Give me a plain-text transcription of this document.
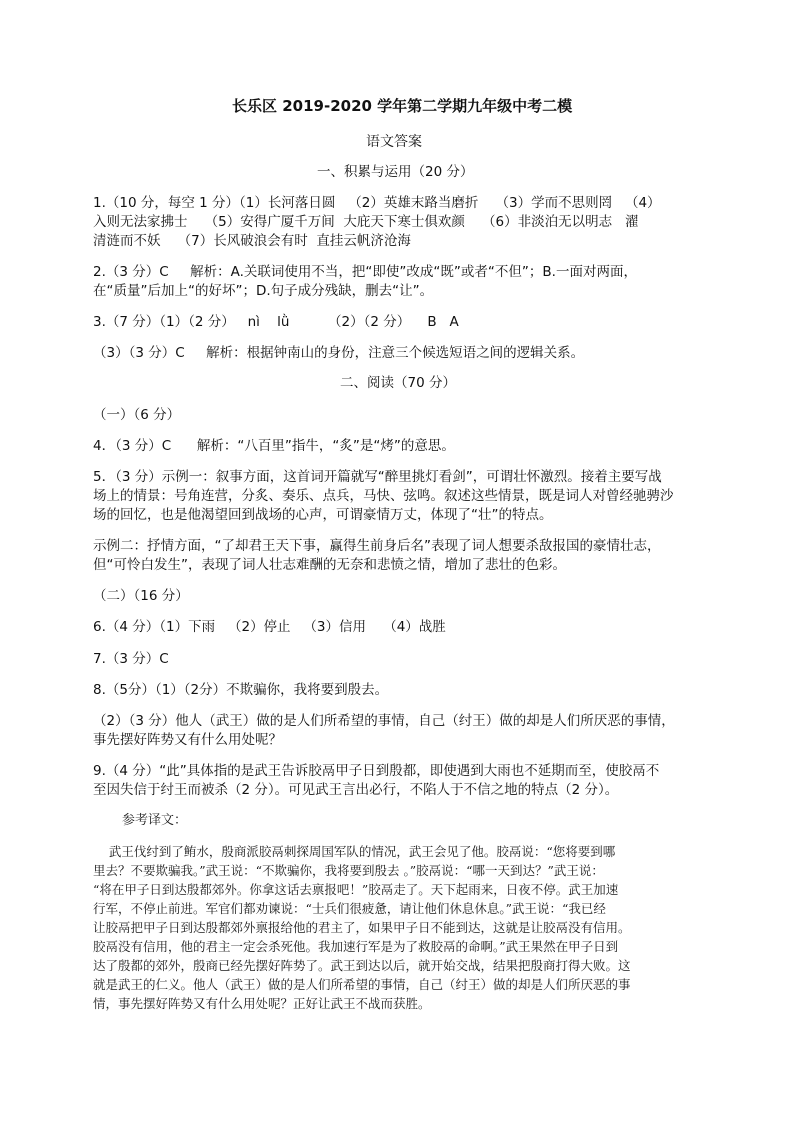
长乐区 2019-2020 学年第二学期九年级中考二模
语文答案
一、积累与运用（20 分）
1.（10 分，每空 1 分）（1）长河落日圆   （2）英雄末路当磨折    （3）学而不思则罔   （4）
入则无法家拂士    （5）安得广厦千万间  大庇天下寒士俱欢颜    （6）非淡泊无以明志   濯
清涟而不妖    （7）长风破浪会有时  直挂云帆济沧海
2.（3 分）C     解析：A.关联词使用不当，把“即使”改成“既”或者“不但”；B.一面对两面，
在“质量”后加上“的好坏”；D.句子成分残缺，删去“让”。
3.（7 分）（1）（2 分）   nì    lǜ         （2）（2 分）    B   A
（3）（3 分）C     解析：根据钟南山的身份，注意三个候选短语之间的逻辑关系。
二、阅读（70 分）
（一）（6 分）
4．（3 分）C      解析：“八百里”指牛，“炙”是“烤”的意思。
5．（3 分）示例一：叙事方面，这首词开篇就写“醉里挑灯看剑”，可谓壮怀激烈。接着主要写战
场上的情景：号角连营，分炙、奏乐、点兵，马快、弦鸣。叙述这些情景，既是词人对曾经驰骋沙
场的回忆，也是他渴望回到战场的心声，可谓豪情万丈，体现了“壮”的特点。
示例二：抒情方面，“了却君王天下事，赢得生前身后名”表现了词人想要杀敌报国的豪情壮志，
但“可怜白发生”，表现了词人壮志难酬的无奈和悲愤之情，增加了悲壮的色彩。
（二）（16 分）
6.（4 分）（1）下雨   （2）停止   （3）信用    （4）战胜
7.（3 分）C
8.（5分）（1）（2分）不欺骗你，我将要到殷去。
（2）（3 分）他人（武王）做的是人们所希望的事情，自己（纣王）做的却是人们所厌恶的事情，
事先摆好阵势又有什么用处呢？
9.（4 分）“此”具体指的是武王告诉胶鬲甲子日到殷都，即使遇到大雨也不延期而至，使胶鬲不
至因失信于纣王而被杀（2 分）。可见武王言出必行，不陷人于不信之地的特点（2 分）。
参考译文：
武王伐纣到了鲔水，殷商派胶鬲刺探周国军队的情况，武王会见了他。胶鬲说：“您将要到哪
里去？不要欺骗我。”武王说：“不欺骗你，我将要到殷去 。”胶鬲说：“哪一天到达？”武王说：
“将在甲子日到达殷都郊外。你拿这话去禀报吧！”胶鬲走了。天下起雨来，日夜不停。武王加速
行军，不停止前进。军官们都劝谏说：“士兵们很疲惫，请让他们休息休息。”武王说：“我已经
让胶鬲把甲子日到达殷都郊外禀报给他的君主了，如果甲子日不能到达，这就是让胶鬲没有信用。
胶鬲没有信用，他的君主一定会杀死他。我加速行军是为了救胶鬲的命啊。”武王果然在甲子日到
达了殷都的郊外，殷商已经先摆好阵势了。武王到达以后，就开始交战，结果把殷商打得大败。这
就是武王的仁义。他人（武王）做的是人们所希望的事情，自己（纣王）做的却是人们所厌恶的事
情，事先摆好阵势又有什么用处呢？正好让武王不战而获胜。
